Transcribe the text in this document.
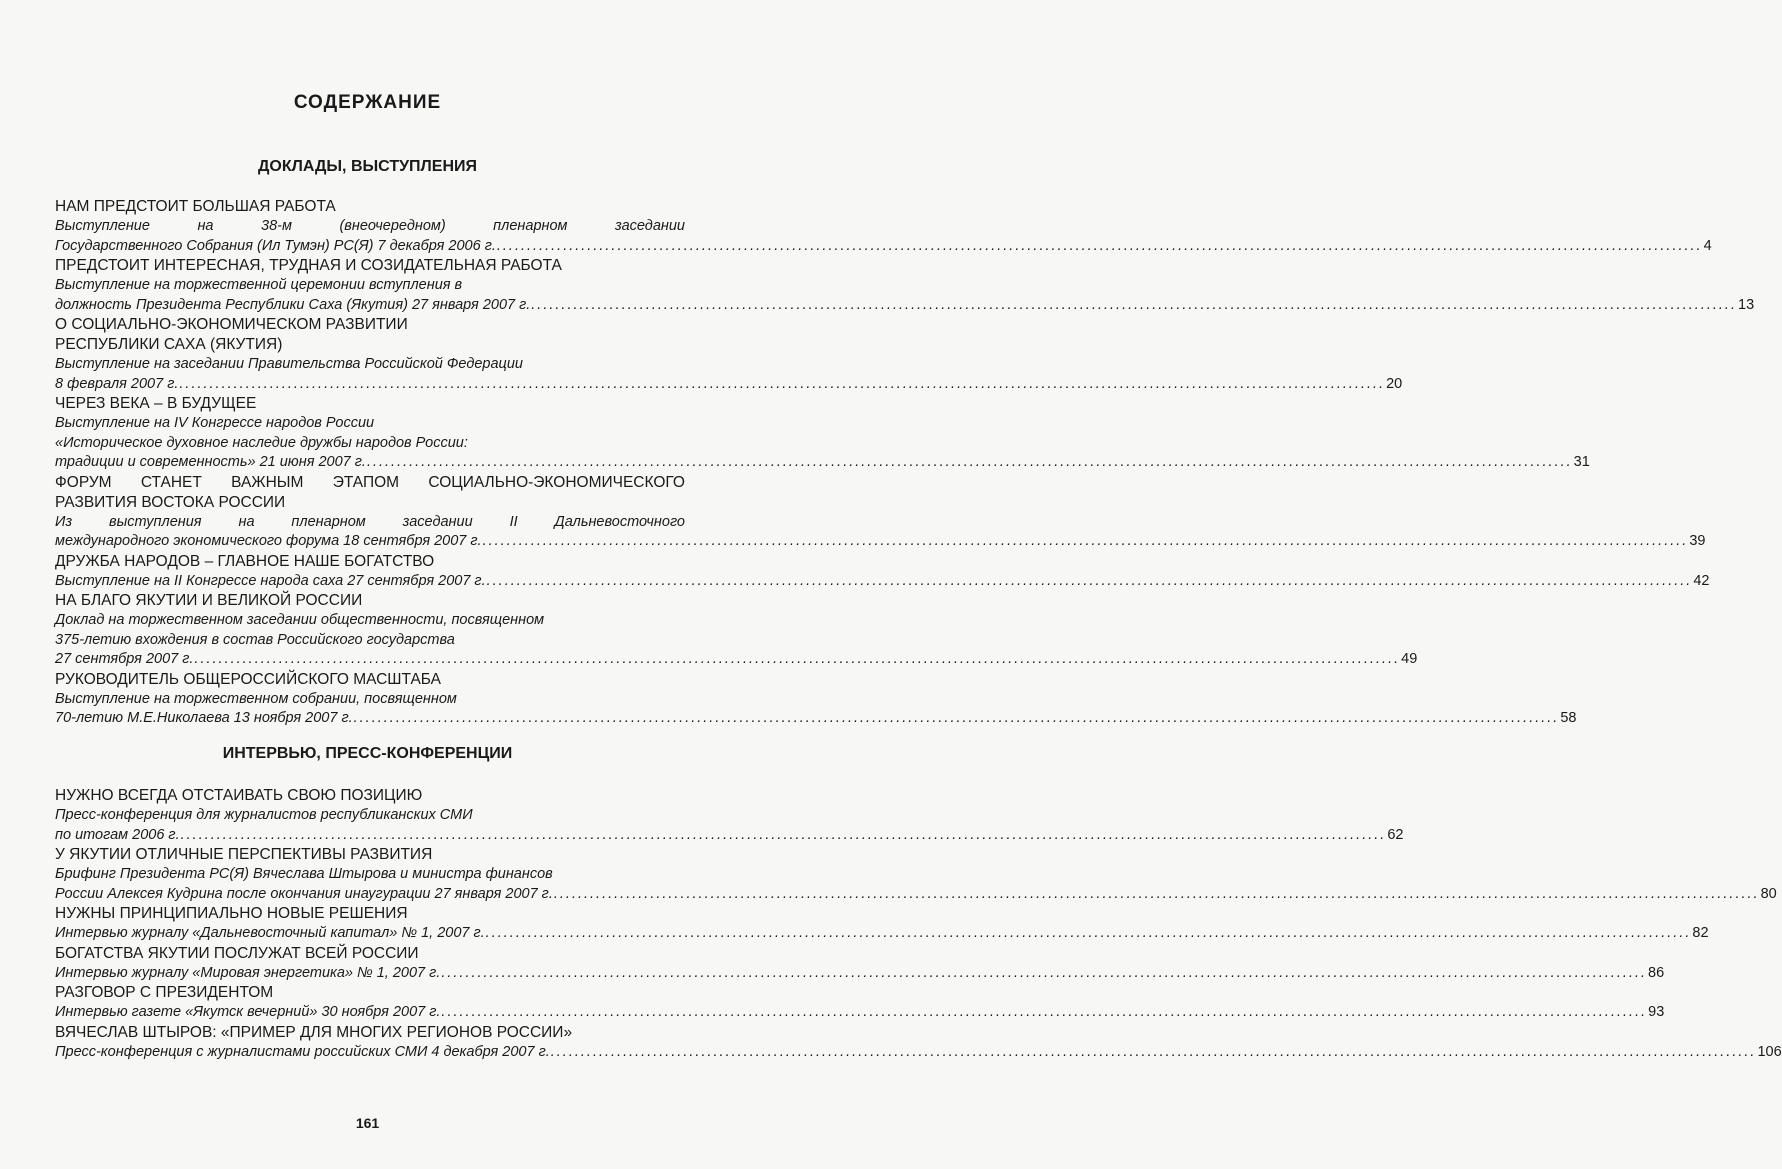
СОДЕРЖАНИЕ
ДОКЛАДЫ, ВЫСТУПЛЕНИЯ
НАМ ПРЕДСТОИТ БОЛЬШАЯ РАБОТА
Выступление на 38-м (внеочередном) пленарном заседании
Государственного Собрания (Ил Тумэн) РС(Я) 7 декабря 2006 г. ........................................................................................................................................................................................................ 4
ПРЕДСТОИТ ИНТЕРЕСНАЯ, ТРУДНАЯ И СОЗИДАТЕЛЬНАЯ РАБОТА
Выступление на торжественной церемонии вступления в
должность Президента Республики Саха (Якутия) 27 января 2007 г. ........................................................................................................................................................................................................ 13
О СОЦИАЛЬНО-ЭКОНОМИЧЕСКОМ РАЗВИТИИ
РЕСПУБЛИКИ САХА (ЯКУТИЯ)
Выступление на заседании Правительства Российской Федерации
8 февраля 2007 г. ........................................................................................................................................................................................................ 20
ЧЕРЕЗ ВЕКА – В БУДУЩЕЕ
Выступление на IV Конгрессе народов России
«Историческое духовное наследие дружбы народов России:
традиции и современность» 21 июня 2007 г. ........................................................................................................................................................................................................ 31
ФОРУМ СТАНЕТ ВАЖНЫМ ЭТАПОМ СОЦИАЛЬНО-ЭКОНОМИЧЕСКОГО
РАЗВИТИЯ ВОСТОКА РОССИИ
Из выступления на пленарном заседании II Дальневосточного
международного экономического форума 18 сентября 2007 г. ........................................................................................................................................................................................................ 39
ДРУЖБА НАРОДОВ – ГЛАВНОЕ НАШЕ БОГАТСТВО
Выступление на II Конгрессе народа саха 27 сентября 2007 г. ........................................................................................................................................................................................................ 42
НА БЛАГО ЯКУТИИ И ВЕЛИКОЙ РОССИИ
Доклад на торжественном заседании общественности, посвященном
375-летию вхождения в состав Российского государства
27 сентября 2007 г. ........................................................................................................................................................................................................ 49
РУКОВОДИТЕЛЬ ОБЩЕРОССИЙСКОГО МАСШТАБА
Выступление на торжественном собрании, посвященном
70-летию М.Е.Николаева 13 ноября 2007 г. ........................................................................................................................................................................................................ 58
ИНТЕРВЬЮ, ПРЕСС-КОНФЕРЕНЦИИ
НУЖНО ВСЕГДА ОТСТАИВАТЬ СВОЮ ПОЗИЦИЮ
Пресс-конференция для журналистов республиканских СМИ
по итогам 2006 г. ........................................................................................................................................................................................................ 62
У ЯКУТИИ ОТЛИЧНЫЕ ПЕРСПЕКТИВЫ РАЗВИТИЯ
Брифинг Президента РС(Я) Вячеслава Штырова и министра финансов
России Алексея Кудрина после окончания инаугурации 27 января 2007 г. ........................................................................................................................................................................................................ 80
НУЖНЫ ПРИНЦИПИАЛЬНО НОВЫЕ РЕШЕНИЯ
Интервью журналу «Дальневосточный капитал» № 1, 2007 г. ........................................................................................................................................................................................................ 82
БОГАТСТВА ЯКУТИИ ПОСЛУЖАТ ВСЕЙ РОССИИ
Интервью журналу «Мировая энергетика» № 1, 2007 г. ........................................................................................................................................................................................................ 86
РАЗГОВОР С ПРЕЗИДЕНТОМ
Интервью газете «Якутск вечерний» 30 ноября 2007 г. ........................................................................................................................................................................................................ 93
ВЯЧЕСЛАВ ШТЫРОВ: «ПРИМЕР ДЛЯ МНОГИХ РЕГИОНОВ РОССИИ»
Пресс-конференция с журналистами российских СМИ 4 декабря 2007 г. ........................................................................................................................................................................................................ 106
161
